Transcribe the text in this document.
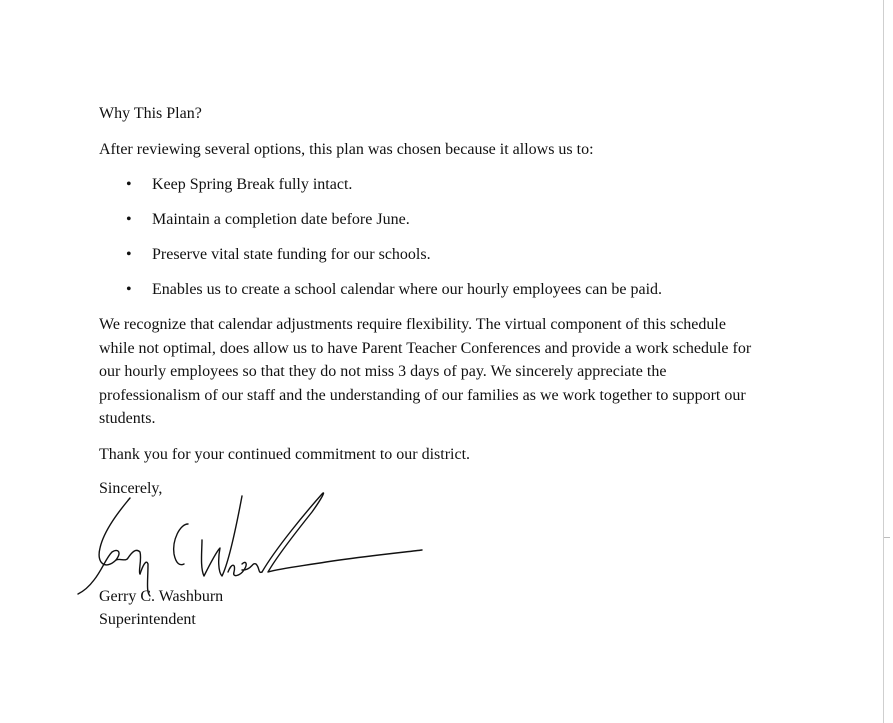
Why This Plan?

After reviewing several options, this plan was chosen because it allows us to:

• Keep Spring Break fully intact.
• Maintain a completion date before June.
• Preserve vital state funding for our schools.
• Enables us to create a school calendar where our hourly employees can be paid.

We recognize that calendar adjustments require flexibility. The virtual component of this schedule while not optimal, does allow us to have Parent Teacher Conferences and provide a work schedule for our hourly employees so that they do not miss 3 days of pay. We sincerely appreciate the professionalism of our staff and the understanding of our families as we work together to support our students.

Thank you for your continued commitment to our district.

Sincerely,

Gerry C. Washburn

Superintendent
